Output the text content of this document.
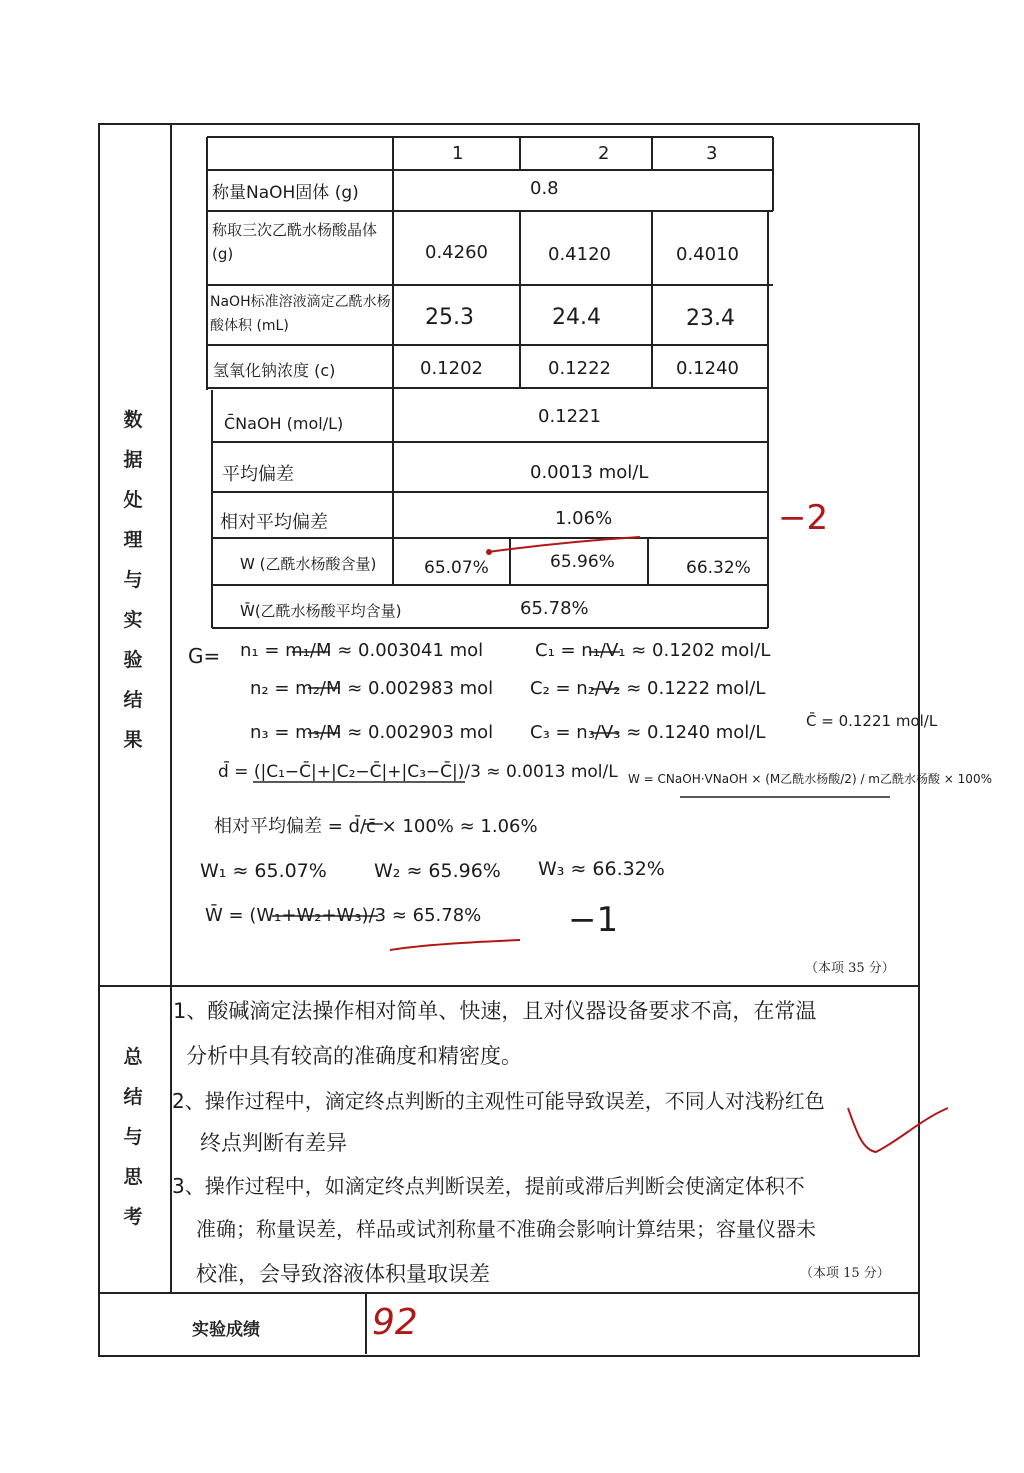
数
据
处
理
与
实
验
结
果
总
结
与
思
考
1	2	3
称量NaOH固体 (g)	0.8
称取三次乙酰水杨酸晶体 (g)	0.4260	0.4120	0.4010
NaOH标准溶液滴定乙酰水杨酸体积 (mL)	25.3	24.4	23.4
氢氧化钠浓度 (c)	0.1202	0.1222	0.1240
C̄NaOH (mol/L)	0.1221
平均偏差	0.0013 mol/L
相对平均偏差	1.06%
W (乙酰水杨酸含量)	65.07%	65.96%	66.32%
W̄(乙酰水杨酸平均含量)	65.78%
−2
−1
G= n₁ = m₁/M ≈ 0.003041 mol	C₁ = n₁/V₁ ≈ 0.1202 mol/L
n₂ = m₂/M ≈ 0.002983 mol C₂ = n₂/V₂ ≈ 0.1222 mol/L
n₃ = m₃/M ≈ 0.002903 mol C₃ = n₃/V₃ ≈ 0.1240 mol/L
C̄ = 0.1221 mol/L
d̄ = (|C₁−C̄|+|C₂−C̄|+|C₃−C̄|)/3 ≈ 0.0013 mol/L W = CNaOH·VNaOH × (M乙酰水杨酸/2) / m乙酰水杨酸 × 100%
相对平均偏差 = d̄/c̄ × 100% ≈ 1.06%
W₁ ≈ 65.07% W₂ ≈ 65.96% W₃ ≈ 66.32%
W̄ = (W₁+W₂+W₃)/3 ≈ 65.78%
（本项 35 分）
1、酸碱滴定法操作相对简单、快速，且对仪器设备要求不高，在常温
分析中具有较高的准确度和精密度。
2、操作过程中，滴定终点判断的主观性可能导致误差，不同人对浅粉红色
终点判断有差异
3、操作过程中，如滴定终点判断误差，提前或滞后判断会使滴定体积不
准确；称量误差，样品或试剂称量不准确会影响计算结果；容量仪器未
校准，会导致溶液体积量取误差	（本项 15 分）
实验成绩	92
